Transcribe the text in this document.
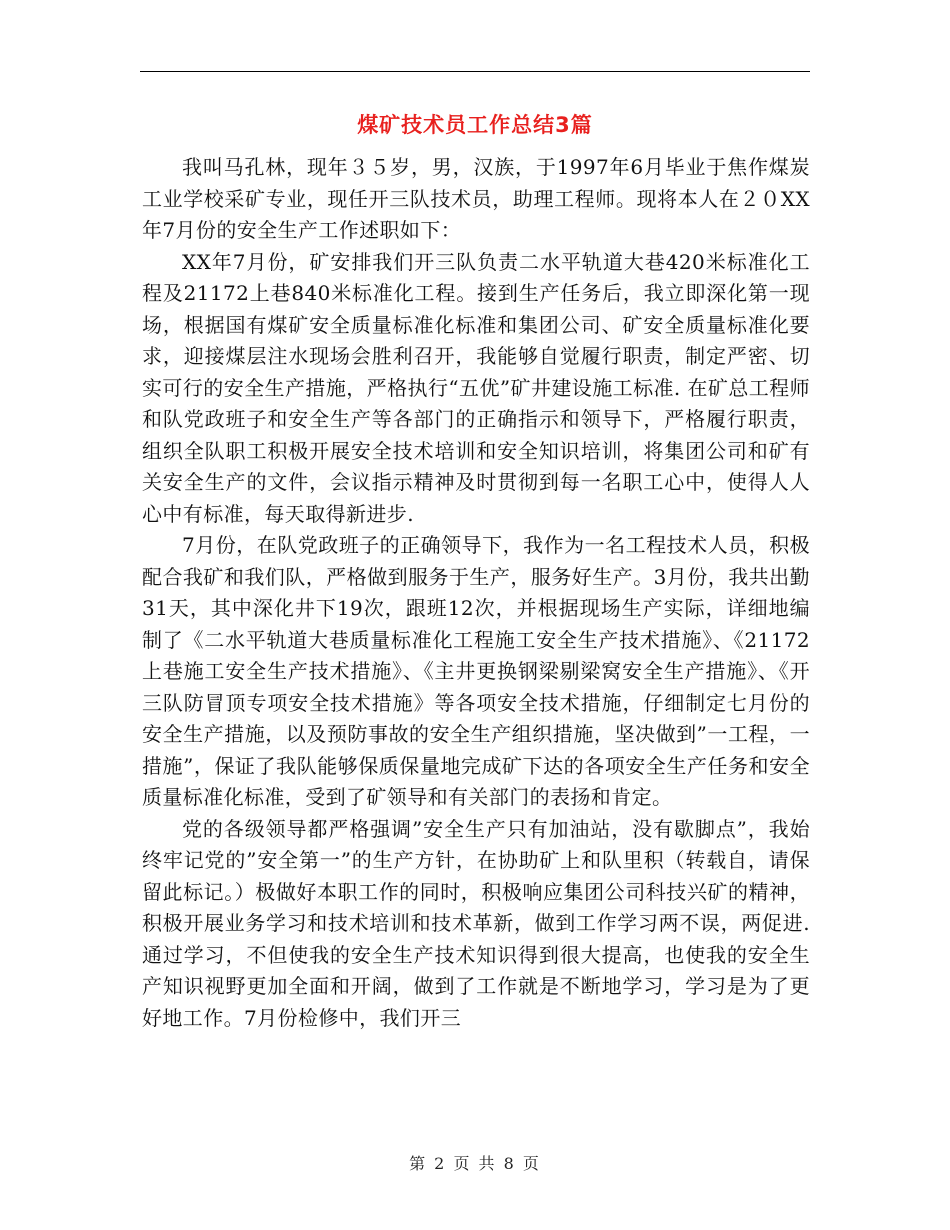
煤矿技术员工作总结3篇

我叫马孔林，现年３５岁，男，汉族，于1997年6月毕业于焦作煤炭工业学校采矿专业，现任开三队技术员，助理工程师。现将本人在２０XX年7月份的安全生产工作述职如下：

XX年7月份，矿安排我们开三队负责二水平轨道大巷420米标准化工程及21172上巷840米标准化工程。接到生产任务后，我立即深化第一现场，根据国有煤矿安全质量标准化标准和集团公司、矿安全质量标准化要求，迎接煤层注水现场会胜利召开，我能够自觉履行职责，制定严密、切实可行的安全生产措施，严格执行“五优”矿井建设施工标准. 在矿总工程师和队党政班子和安全生产等各部门的正确指示和领导下，严格履行职责，组织全队职工积极开展安全技术培训和安全知识培训，将集团公司和矿有关安全生产的文件，会议指示精神及时贯彻到每一名职工心中，使得人人心中有标准，每天取得新进步.

7月份，在队党政班子的正确领导下，我作为一名工程技术人员，积极配合我矿和我们队，严格做到服务于生产，服务好生产。3月份，我共出勤31天，其中深化井下19次，跟班12次，并根据现场生产实际，详细地编制了《二水平轨道大巷质量标准化工程施工安全生产技术措施》、《21172上巷施工安全生产技术措施》、《主井更换钢梁剔梁窝安全生产措施》、《开三队防冒顶专项安全技术措施》等各项安全技术措施，仔细制定七月份的安全生产措施，以及预防事故的安全生产组织措施，坚决做到”一工程，一措施”，保证了我队能够保质保量地完成矿下达的各项安全生产任务和安全质量标准化标准，受到了矿领导和有关部门的表扬和肯定。

党的各级领导都严格强调”安全生产只有加油站，没有歇脚点”，我始终牢记党的”安全第一”的生产方针，在协助矿上和队里积（转载自，请保留此标记。）极做好本职工作的同时，积极响应集团公司科技兴矿的精神，积极开展业务学习和技术培训和技术革新，做到工作学习两不误，两促进. 通过学习，不但使我的安全生产技术知识得到很大提高，也使我的安全生产知识视野更加全面和开阔，做到了工作就是不断地学习，学习是为了更好地工作。7月份检修中，我们开三

第 2 页 共 8 页
